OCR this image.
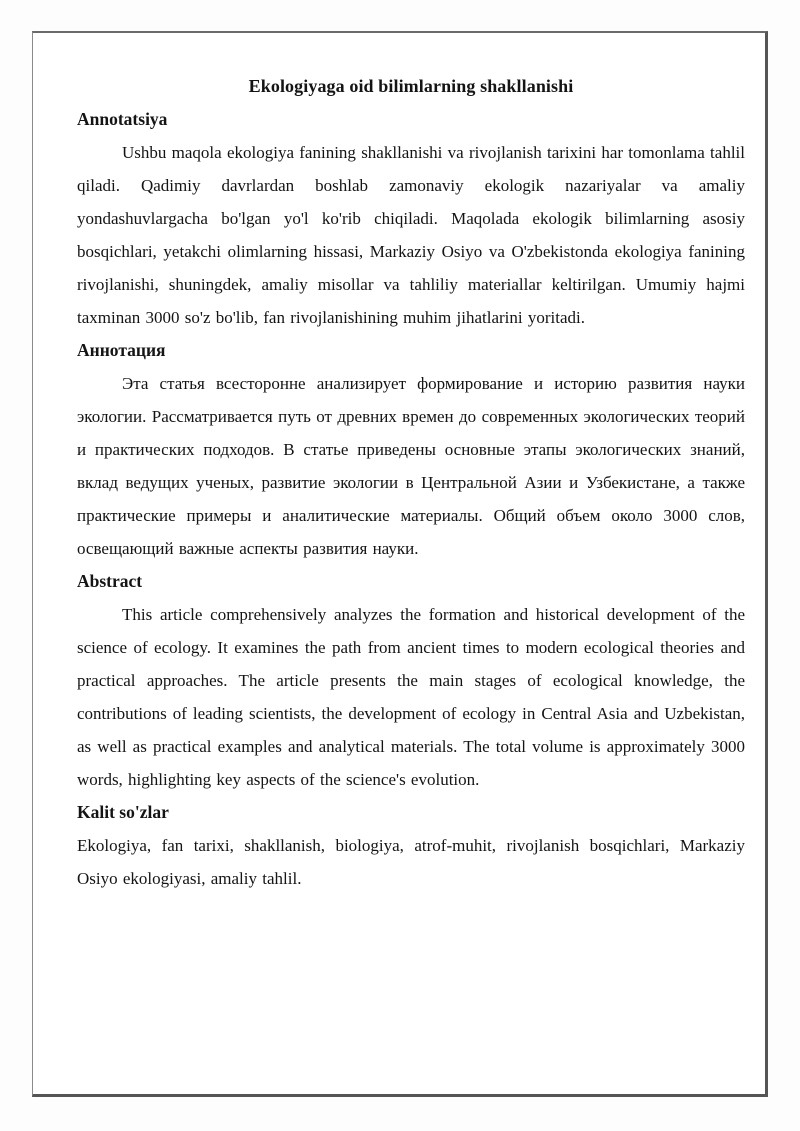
Ekologiyaga oid bilimlarning shakllanishi
Annotatsiya
Ushbu maqola ekologiya fanining shakllanishi va rivojlanish tarixini har tomonlama tahlil qiladi. Qadimiy davrlardan boshlab zamonaviy ekologik nazariyalar va amaliy yondashuvlargacha bo'lgan yo'l ko'rib chiqiladi. Maqolada ekologik bilimlarning asosiy bosqichlari, yetakchi olimlarning hissasi, Markaziy Osiyo va O'zbekistonda ekologiya fanining rivojlanishi, shuningdek, amaliy misollar va tahliliy materiallar keltirilgan. Umumiy hajmi taxminan 3000 so'z bo'lib, fan rivojlanishining muhim jihatlarini yoritadi.
Аннотация
Эта статья всесторонне анализирует формирование и историю развития науки экологии. Рассматривается путь от древних времен до современных экологических теорий и практических подходов. В статье приведены основные этапы экологических знаний, вклад ведущих ученых, развитие экологии в Центральной Азии и Узбекистане, а также практические примеры и аналитические материалы. Общий объем около 3000 слов, освещающий важные аспекты развития науки.
Abstract
This article comprehensively analyzes the formation and historical development of the science of ecology. It examines the path from ancient times to modern ecological theories and practical approaches. The article presents the main stages of ecological knowledge, the contributions of leading scientists, the development of ecology in Central Asia and Uzbekistan, as well as practical examples and analytical materials. The total volume is approximately 3000 words, highlighting key aspects of the science's evolution.
Kalit so'zlar
Ekologiya, fan tarixi, shakllanish, biologiya, atrof-muhit, rivojlanish bosqichlari, Markaziy Osiyo ekologiyasi, amaliy tahlil.
